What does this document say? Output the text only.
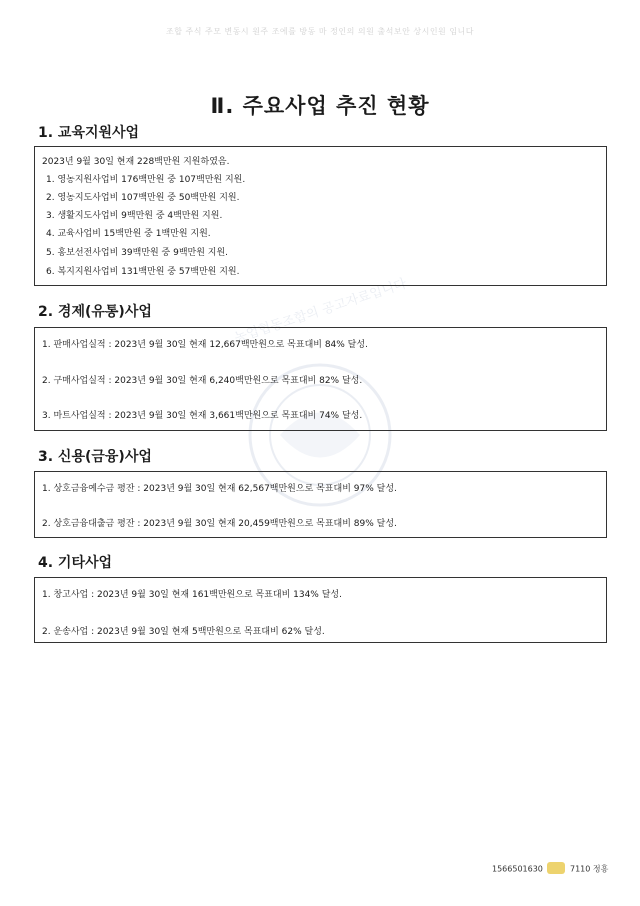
조합 주식 주모 변동시 원주 조에를 방동 마 정인의 의원 출석보안 상시인원 임니다
농업협동조합의 공고자료입니다
Ⅱ. 주요사업 추진 현황
1. 교육지원사업
2023년 9월 30일 현재 228백만원 지원하였음.
1. 영농지원사업비 176백만원 중 107백만원 지원.
2. 영농지도사업비 107백만원 중 50백만원 지원.
3. 생활지도사업비 9백만원 중 4백만원 지원.
4. 교육사업비 15백만원 중 1백만원 지원.
5. 홍보선전사업비 39백만원 중 9백만원 지원.
6. 복지지원사업비 131백만원 중 57백만원 지원.
2. 경제(유통)사업
1. 판매사업실적 : 2023년 9월 30일 현재 12,667백만원으로 목표대비 84% 달성.
2. 구매사업실적 : 2023년 9월 30일 현재 6,240백만원으로 목표대비 82% 달성.
3. 마트사업실적 : 2023년 9월 30일 현재 3,661백만원으로 목표대비 74% 달성.
3. 신용(금융)사업
1. 상호금융예수금 평잔 : 2023년 9월 30일 현재 62,567백만원으로 목표대비 97% 달성.
2. 상호금융대출금 평잔 : 2023년 9월 30일 현재 20,459백만원으로 목표대비 89% 달성.
4. 기타사업
1. 창고사업 : 2023년 9월 30일 현재 161백만원으로 목표대비 134% 달성.
2. 운송사업 : 2023년 9월 30일 현재 5백만원으로 목표대비 62% 달성.
1566501630	7110 정흥
